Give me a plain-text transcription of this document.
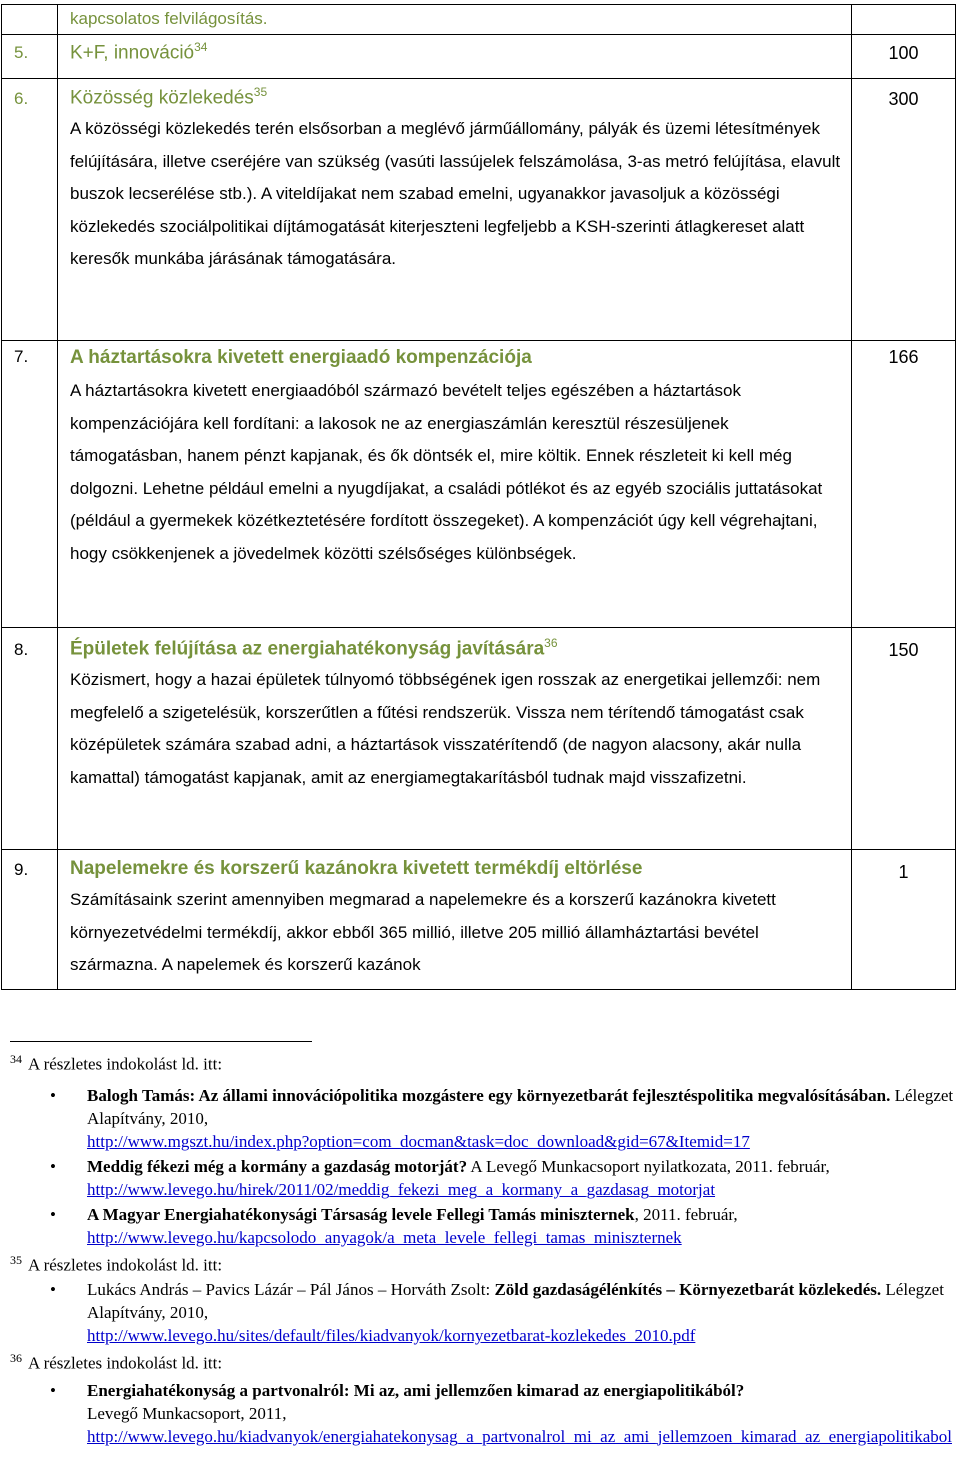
	kapcsolatos felvilágosítás.	

5.	K+F, innováció$^{34}$	100

6.	Közösség közlekedés$^{35}$
A közösségi közlekedés terén elsősorban a meglévő járműállomány, pályák és üzemi létesítmények felújítására, illetve cseréjére van szükség (vasúti lassújelek felszámolása, 3-as metró felújítása, elavult buszok lecserélése stb.). A viteldíjakat nem szabad emelni, ugyanakkor javasoljuk a közösségi közlekedés szociálpolitikai díjtámogatását kiterjeszteni legfeljebb a KSH-szerinti átlagkereset alatt keresők munkába járásának támogatására.	300

7.	A háztartásokra kivetett energiaadó kompenzációja
A háztartásokra kivetett energiaadóból származó bevételt teljes egészében a háztartások kompenzációjára kell fordítani: a lakosok ne az energiaszámlán keresztül részesüljenek támogatásban, hanem pénzt kapjanak, és ők döntsék el, mire költik. Ennek részleteit ki kell még dolgozni. Lehetne például emelni a nyugdíjakat, a családi pótlékot és az egyéb szociális juttatásokat (például a gyermekek közétkeztetésére fordított összegeket). A kompenzációt úgy kell végrehajtani, hogy csökkenjenek a jövedelmek közötti szélsőséges különbségek.	166

8.	Épületek felújítása az energiahatékonyság javítására$^{36}$
Közismert, hogy a hazai épületek túlnyomó többségének igen rosszak az energetikai jellemzői: nem megfelelő a szigetelésük, korszerűtlen a fűtési rendszerük. Vissza nem térítendő támogatást csak középületek számára szabad adni, a háztartások visszatérítendő (de nagyon alacsony, akár nulla kamattal) támogatást kapjanak, amit az energiamegtakarításból tudnak majd visszafizetni.	150

9.	Napelemekre és korszerű kazánokra kivetett termékdíj eltörlése
Számításaink szerint amennyiben megmarad a napelemekre és a korszerű kazánokra kivetett környezetvédelmi termékdíj, akkor ebből 365 millió, illetve 205 millió államháztartási bevétel származna. A napelemek és korszerű kazánok	1
$^{34}$ A részletes indokolást ld. itt:
• Balogh Tamás: Az állami innovációpolitika mozgástere egy környezetbarát fejlesztéspolitika megvalósításában. Lélegzet Alapítvány, 2010,
http://www.mgszt.hu/index.php?option=com_docman&task=doc_download&gid=67&Itemid=17
• Meddig fékezi még a kormány a gazdaság motorját? A Levegő Munkacsoport nyilatkozata, 2011. február, http://www.levego.hu/hirek/2011/02/meddig_fekezi_meg_a_kormany_a_gazdasag_motorjat
• A Magyar Energiahatékonysági Társaság levele Fellegi Tamás miniszternek, 2011. február,
http://www.levego.hu/kapcsolodo_anyagok/a_meta_levele_fellegi_tamas_miniszternek
$^{35}$ A részletes indokolást ld. itt:
• Lukács András – Pavics Lázár – Pál János – Horváth Zsolt: Zöld gazdaságélénkítés – Környezetbarát közlekedés. Lélegzet Alapítvány, 2010,
http://www.levego.hu/sites/default/files/kiadvanyok/kornyezetbarat-kozlekedes_2010.pdf
$^{36}$ A részletes indokolást ld. itt:
• Energiahatékonyság a partvonalról: Mi az, ami jellemzően kimarad az energiapolitikából?
Levegő Munkacsoport, 2011,
http://www.levego.hu/kiadvanyok/energiahatekonysag_a_partvonalrol_mi_az_ami_jellemzoen_kimarad_az_energiapolitikabol
